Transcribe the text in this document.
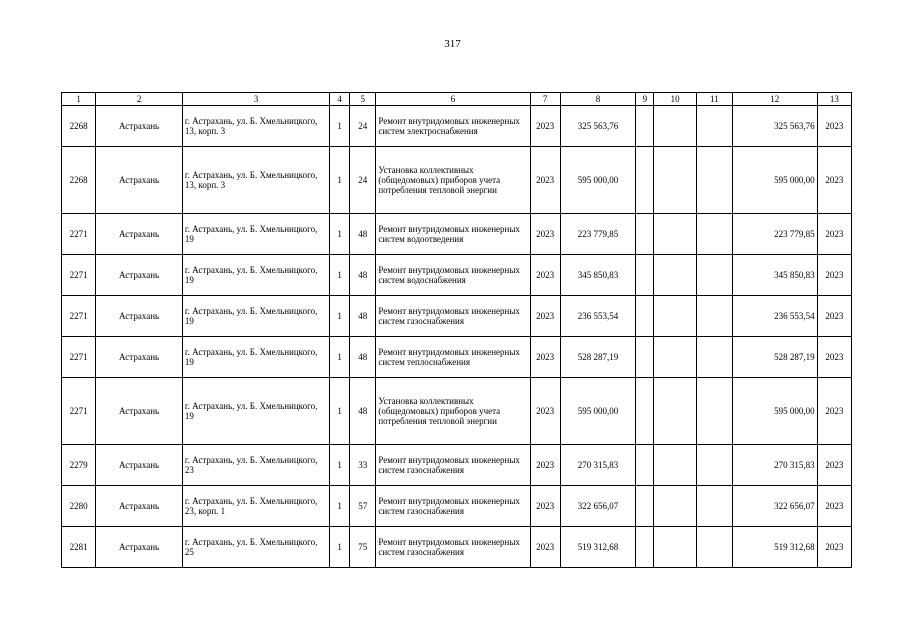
317
1	2	3	4	5	6	7	8	9	10	11	12	13
2268	Астрахань	г. Астрахань, ул. Б. Хмельницкого, 13, корп. 3	1	24	Ремонт внутридомовых инженерных систем электроснабжения	2023	325 563,76				325 563,76	2023
2268	Астрахань	г. Астрахань, ул. Б. Хмельницкого, 13, корп. 3	1	24	Установка коллективных (общедомовых) приборов учета потребления тепловой энергии	2023	595 000,00				595 000,00	2023
2271	Астрахань	г. Астрахань, ул. Б. Хмельницкого, 19	1	48	Ремонт внутридомовых инженерных систем водоотведения	2023	223 779,85				223 779,85	2023
2271	Астрахань	г. Астрахань, ул. Б. Хмельницкого, 19	1	48	Ремонт внутридомовых инженерных систем водоснабжения	2023	345 850,83				345 850,83	2023
2271	Астрахань	г. Астрахань, ул. Б. Хмельницкого, 19	1	48	Ремонт внутридомовых инженерных систем газоснабжения	2023	236 553,54				236 553,54	2023
2271	Астрахань	г. Астрахань, ул. Б. Хмельницкого, 19	1	48	Ремонт внутридомовых инженерных систем теплоснабжения	2023	528 287,19				528 287,19	2023
2271	Астрахань	г. Астрахань, ул. Б. Хмельницкого, 19	1	48	Установка коллективных (общедомовых) приборов учета потребления тепловой энергии	2023	595 000,00				595 000,00	2023
2279	Астрахань	г. Астрахань, ул. Б. Хмельницкого, 23	1	33	Ремонт внутридомовых инженерных систем газоснабжения	2023	270 315,83				270 315,83	2023
2280	Астрахань	г. Астрахань, ул. Б. Хмельницкого, 23, корп. 1	1	57	Ремонт внутридомовых инженерных систем газоснабжения	2023	322 656,07				322 656,07	2023
2281	Астрахань	г. Астрахань, ул. Б. Хмельницкого, 25	1	75	Ремонт внутридомовых инженерных систем газоснабжения	2023	519 312,68				519 312,68	2023
